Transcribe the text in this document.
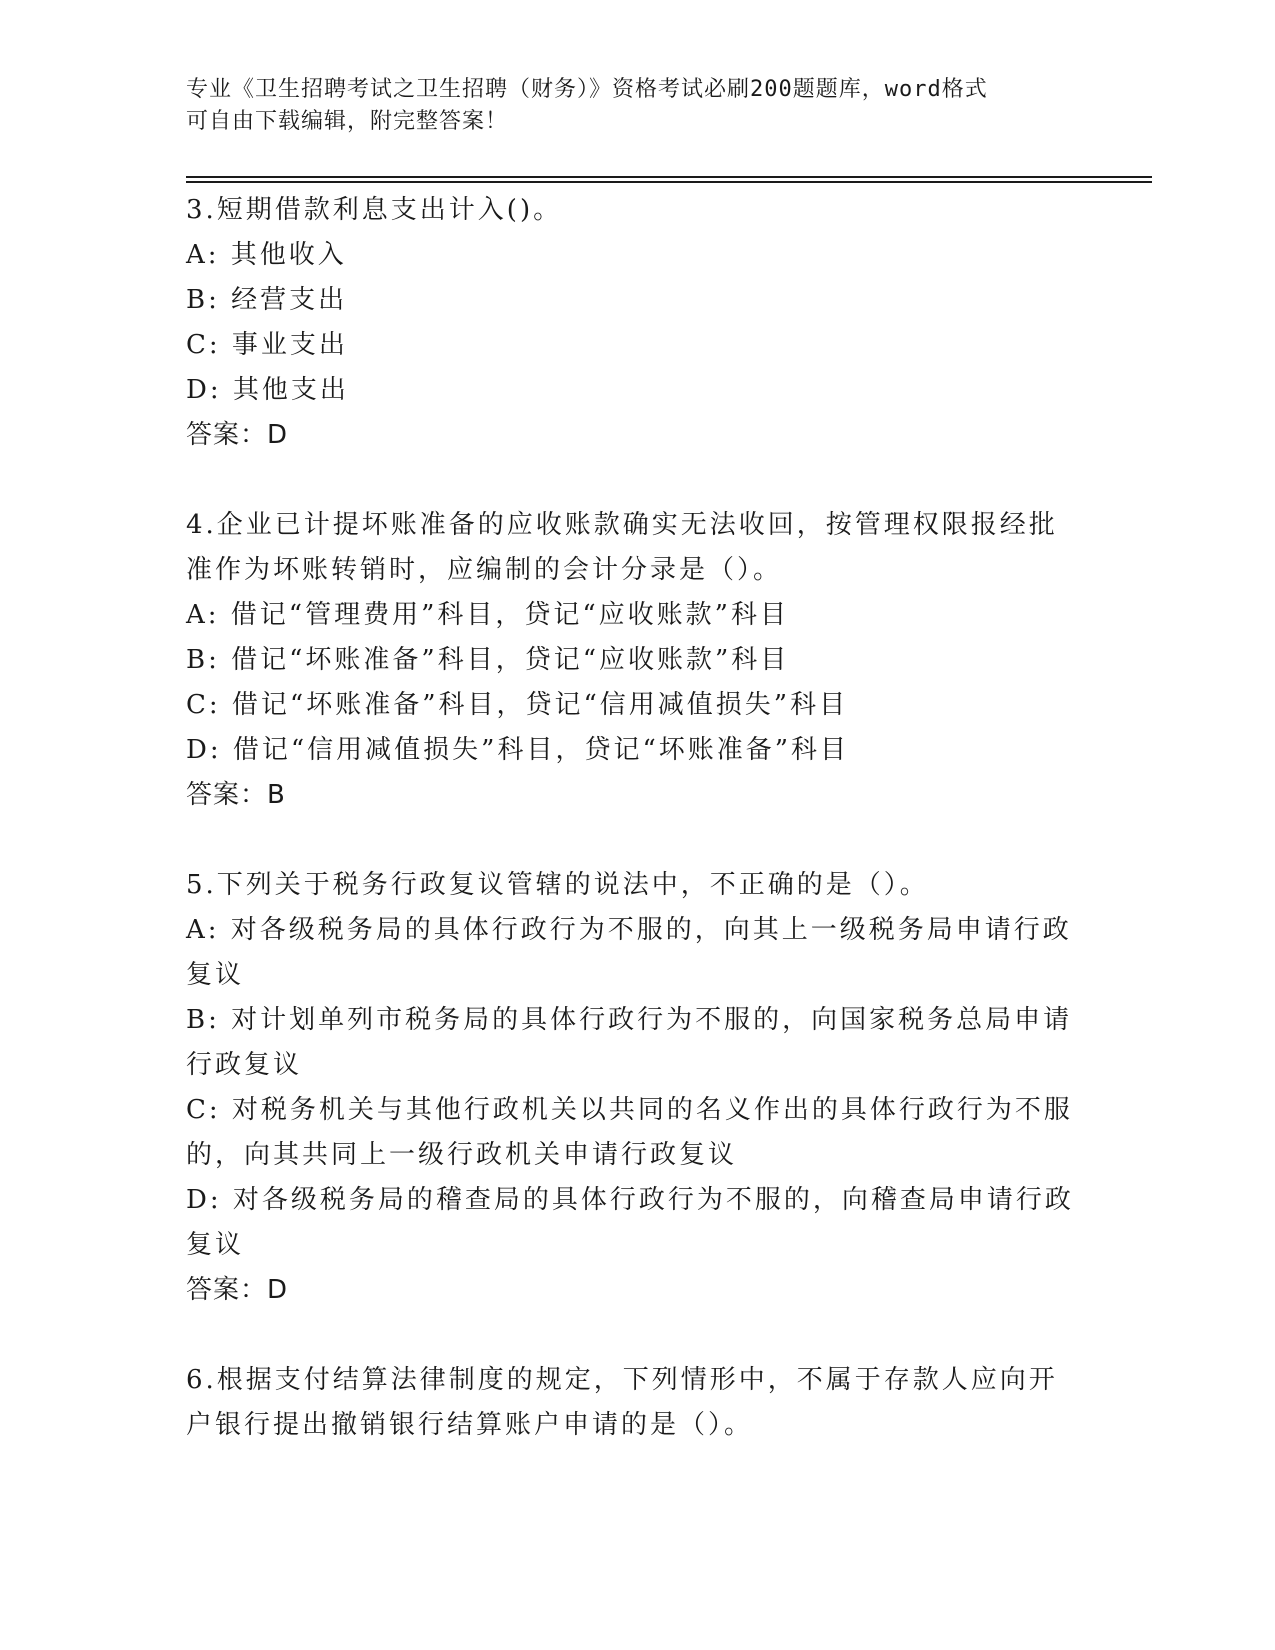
专业《卫生招聘考试之卫生招聘（财务）》资格考试必刷200题题库，word格式
可自由下载编辑，附完整答案！
3.短期借款利息支出计入()。
A: 其他收入
B: 经营支出
C: 事业支出
D: 其他支出
答案：D
4.企业已计提坏账准备的应收账款确实无法收回，按管理权限报经批
准作为坏账转销时，应编制的会计分录是（）。
A: 借记“管理费用”科目，贷记“应收账款”科目
B: 借记“坏账准备”科目，贷记“应收账款”科目
C: 借记“坏账准备”科目，贷记“信用减值损失”科目
D: 借记“信用减值损失”科目，贷记“坏账准备”科目
答案：B
5.下列关于税务行政复议管辖的说法中，不正确的是（）。
A: 对各级税务局的具体行政行为不服的，向其上一级税务局申请行政
复议
B: 对计划单列市税务局的具体行政行为不服的，向国家税务总局申请
行政复议
C: 对税务机关与其他行政机关以共同的名义作出的具体行政行为不服
的，向其共同上一级行政机关申请行政复议
D: 对各级税务局的稽查局的具体行政行为不服的，向稽查局申请行政
复议
答案：D
6.根据支付结算法律制度的规定，下列情形中，不属于存款人应向开
户银行提出撤销银行结算账户申请的是（）。
